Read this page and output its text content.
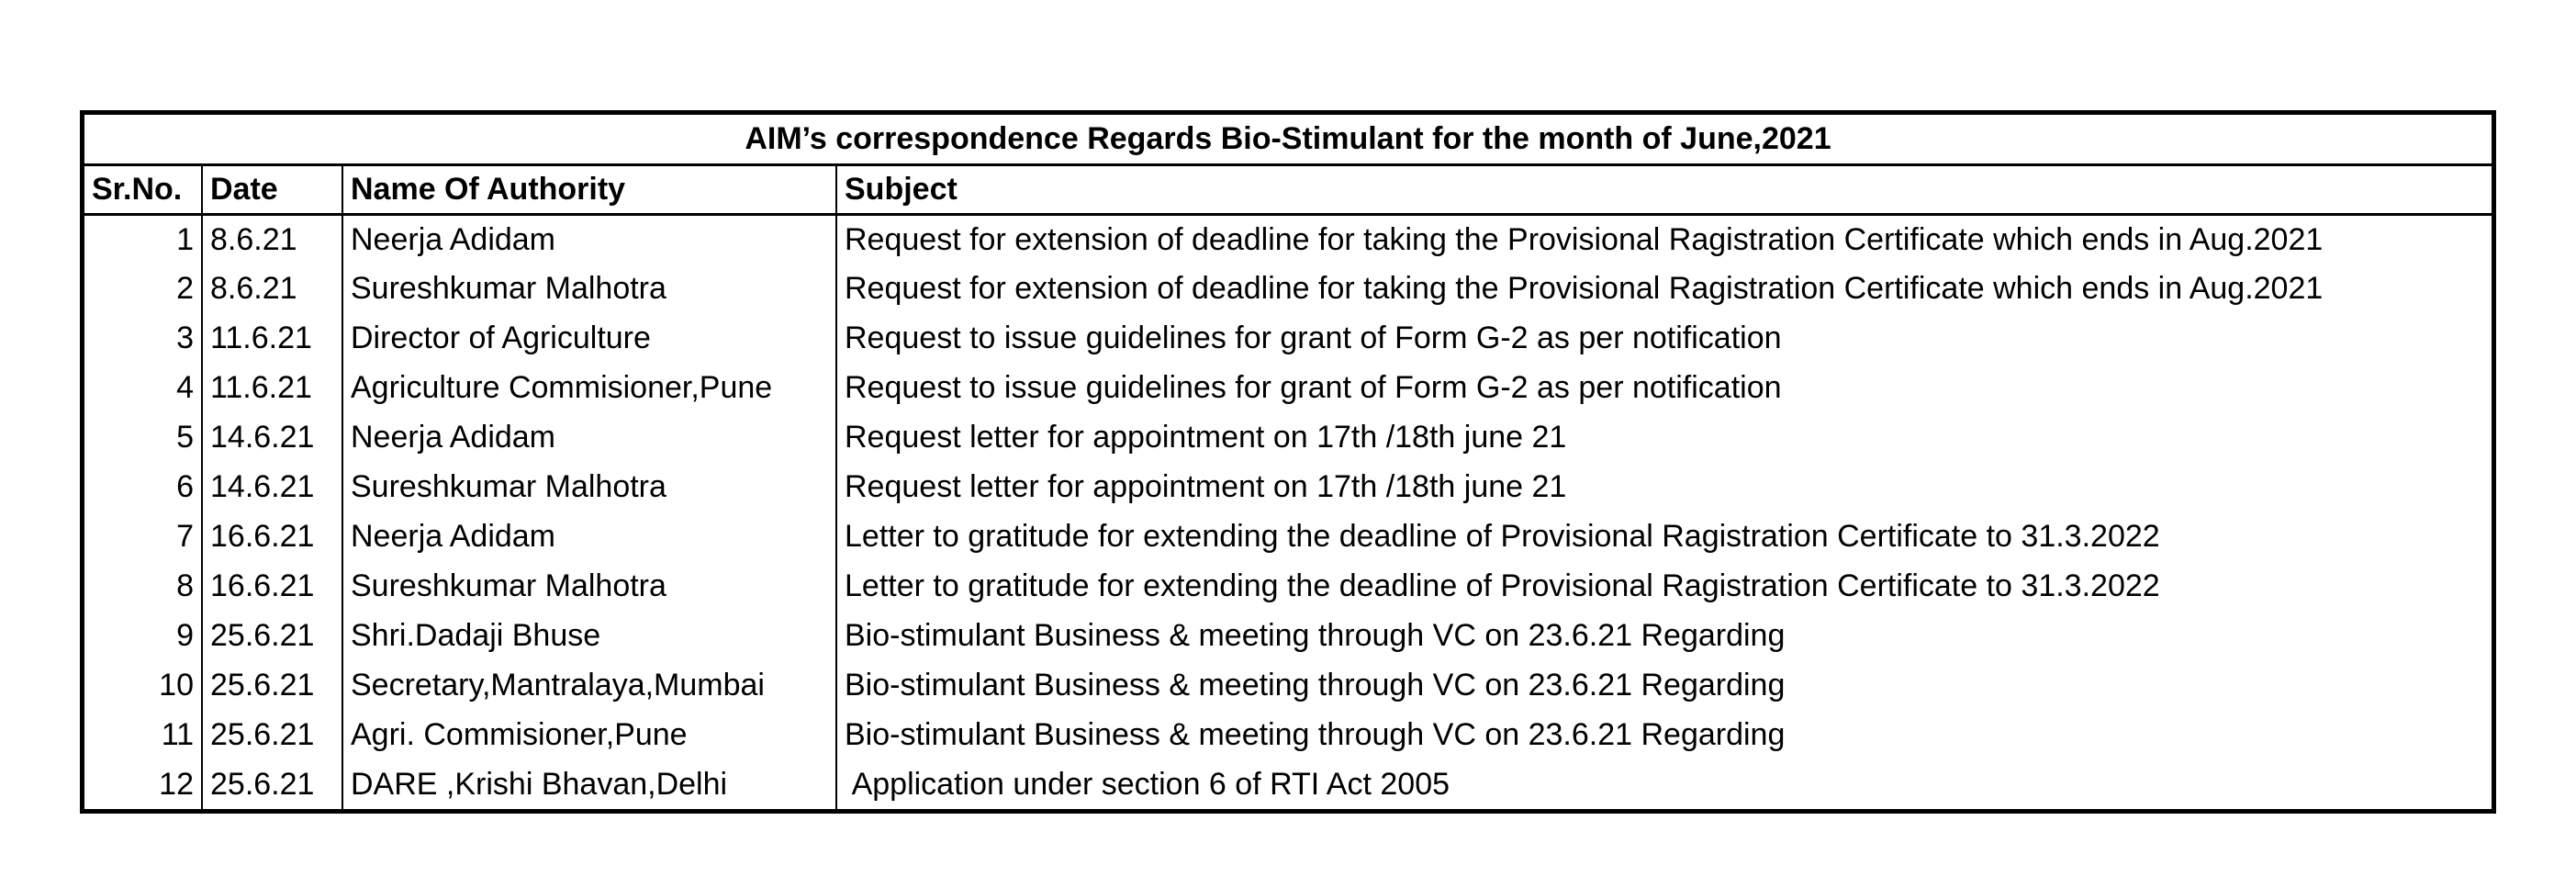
AIM’s correspondence Regards Bio-Stimulant for the month of June,2021			
Sr.No.	Date	Name Of Authority	Subject
1	8.6.21	Neerja Adidam	Request for extension of deadline for taking the Provisional Ragistration Certificate which ends in Aug.2021
2	8.6.21	Sureshkumar Malhotra	Request for extension of deadline for taking the Provisional Ragistration Certificate which ends in Aug.2021
3	11.6.21	Director of Agriculture	Request to issue guidelines for grant of Form G-2 as per notification
4	11.6.21	Agriculture Commisioner,Pune	Request to issue guidelines for grant of Form G-2 as per notification
5	14.6.21	Neerja Adidam	Request letter for appointment on 17th /18th june 21
6	14.6.21	Sureshkumar Malhotra	Request letter for appointment on 17th /18th june 21
7	16.6.21	Neerja Adidam	Letter to gratitude for extending the deadline of Provisional Ragistration Certificate to 31.3.2022
8	16.6.21	Sureshkumar Malhotra	Letter to gratitude for extending the deadline of Provisional Ragistration Certificate to 31.3.2022
9	25.6.21	Shri.Dadaji Bhuse	Bio-stimulant Business & meeting through VC on 23.6.21 Regarding
10	25.6.21	Secretary,Mantralaya,Mumbai	Bio-stimulant Business & meeting through VC on 23.6.21 Regarding
11	25.6.21	Agri. Commisioner,Pune	Bio-stimulant Business & meeting through VC on 23.6.21 Regarding
12	25.6.21	DARE ,Krishi Bhavan,Delhi	Application under section 6 of RTI Act 2005
